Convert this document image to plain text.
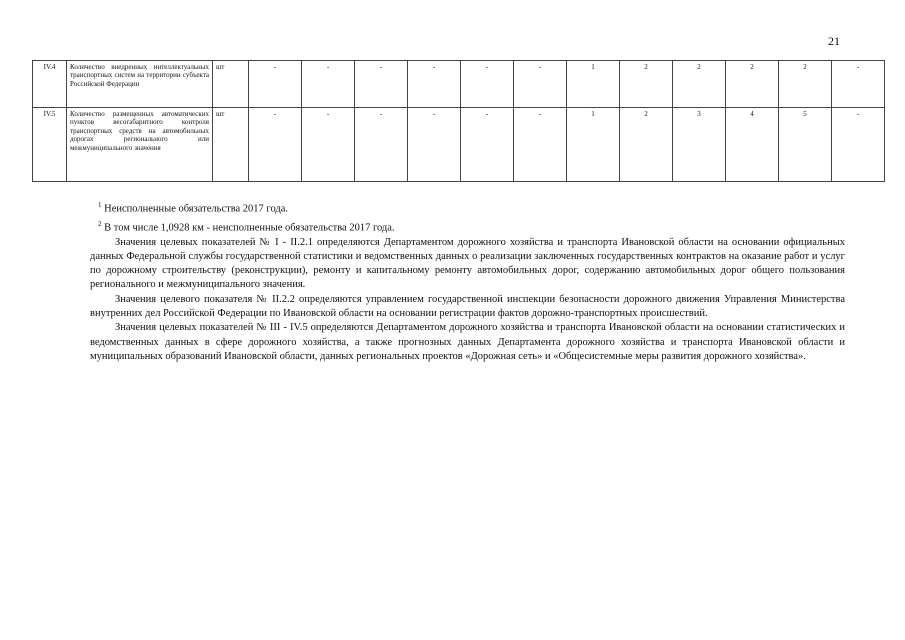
21
IV.4	Количество внедренных интеллектуальных транспортных систем на территории субъекта Российской Федерации	шт	-	-	-	-	-	-	1	2	2	2	2	-
IV.5	Количество размещенных автоматических пунктов весогабаритного контроля транспортных средств на автомобильных дорогах регионального или межмуниципального значения	шт	-	-	-	-	-	-	1	2	3	4	5	-
$^1$ Неисполненные обязательства 2017 года.
$^2$ В том числе 1,0928 км - неисполненные обязательства 2017 года.
Значения целевых показателей № I - II.2.1 определяются Департаментом дорожного хозяйства и транспорта Ивановской области на основании официальных данных Федеральной службы государственной статистики и ведомственных данных о реализации заключенных государственных контрактов на оказание работ и услуг по дорожному строительству (реконструкции), ремонту и капитальному ремонту автомобильных дорог, содержанию автомобильных дорог общего пользования регионального и межмуниципального значения.
Значения целевого показателя № II.2.2 определяются управлением государственной инспекции безопасности дорожного движения Управления Министерства внутренних дел Российской Федерации по Ивановской области на основании регистрации фактов дорожно-транспортных происшествий.
Значения целевых показателей № III - IV.5 определяются Департаментом дорожного хозяйства и транспорта Ивановской области на основании статистических и ведомственных данных в сфере дорожного хозяйства, а также прогнозных данных Департамента дорожного хозяйства и транспорта Ивановской области и муниципальных образований Ивановской области, данных региональных проектов «Дорожная сеть» и «Общесистемные меры развития дорожного хозяйства».
